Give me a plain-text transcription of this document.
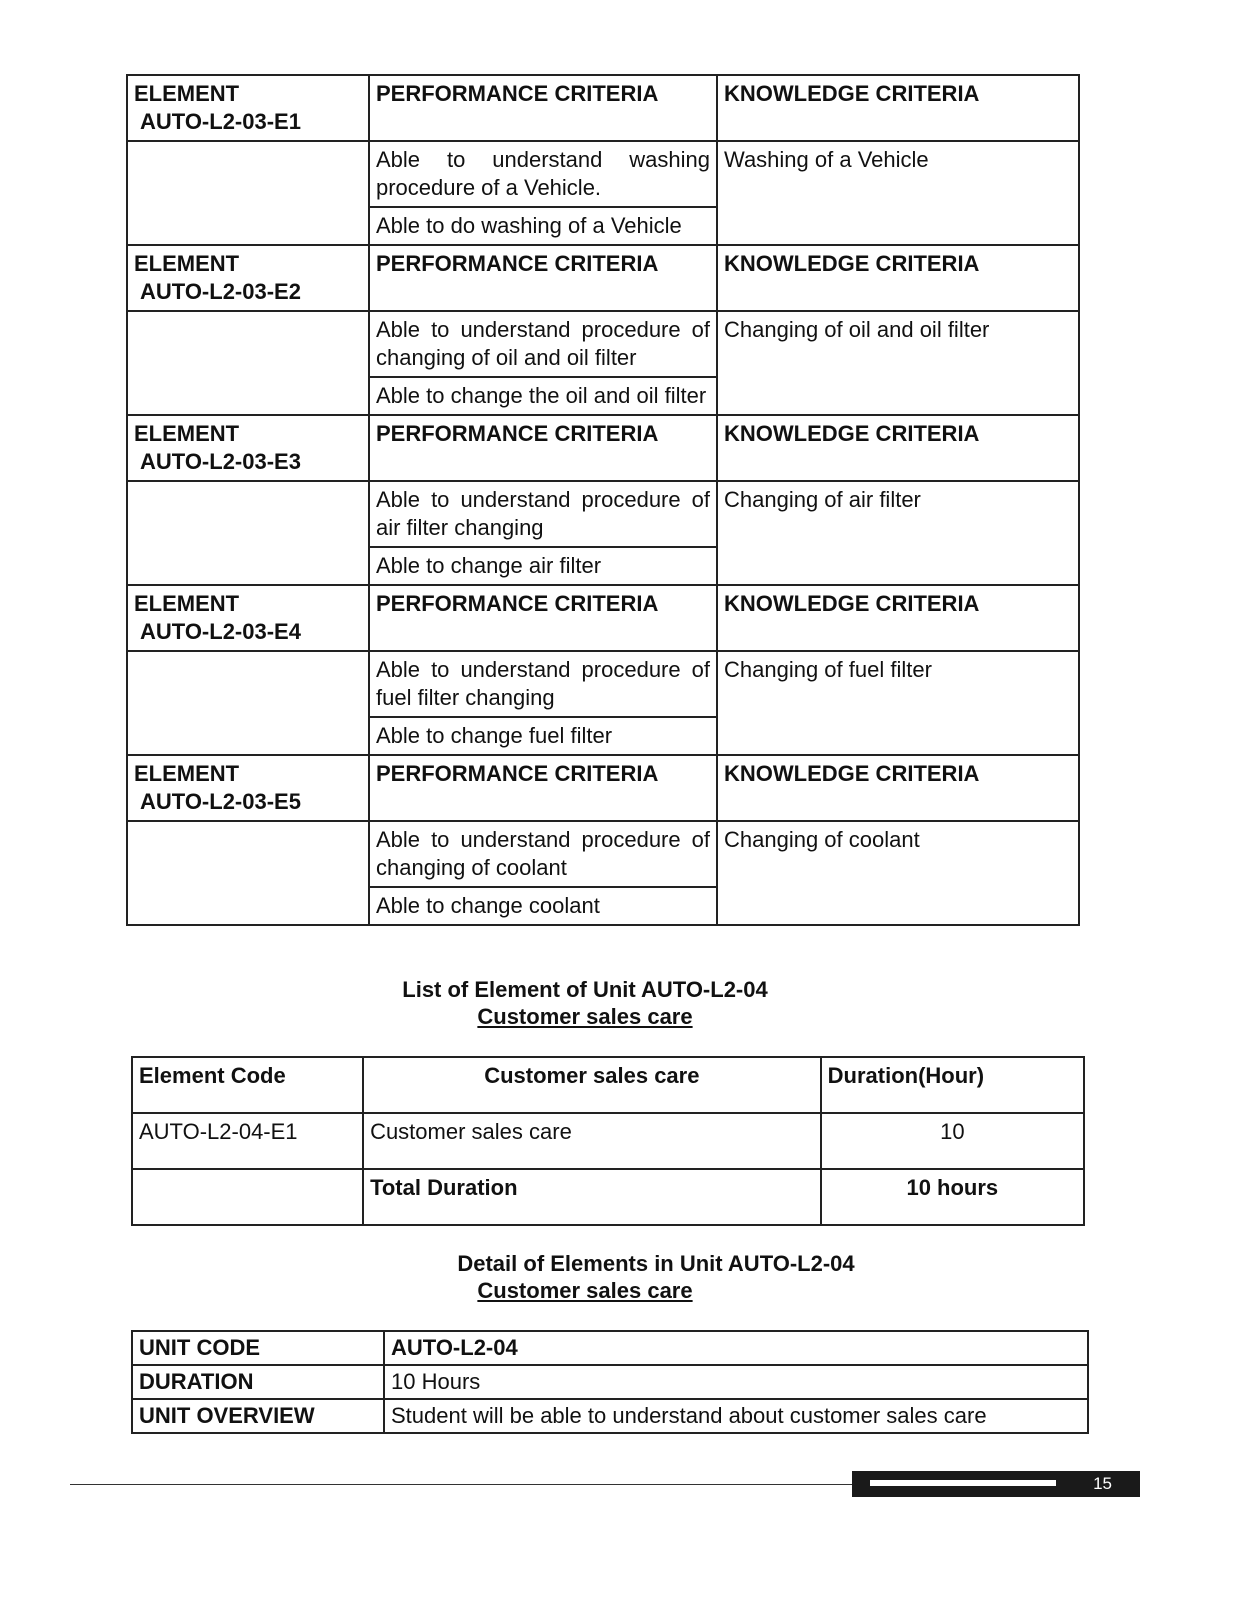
ELEMENT
AUTO-L2-03-E1	PERFORMANCE CRITERIA	KNOWLEDGE CRITERIA
	Able to understand washing procedure of a Vehicle.	Washing of a Vehicle
	Able to do washing of a Vehicle	

ELEMENT
AUTO-L2-03-E2	PERFORMANCE CRITERIA	KNOWLEDGE CRITERIA
	Able to understand procedure of changing of oil and oil filter	Changing of oil and oil filter
	Able to change the oil and oil filter	

ELEMENT
AUTO-L2-03-E3	PERFORMANCE CRITERIA	KNOWLEDGE CRITERIA
	Able to understand procedure of air filter changing	Changing of air filter
	Able to change air filter	

ELEMENT
AUTO-L2-03-E4	PERFORMANCE CRITERIA	KNOWLEDGE CRITERIA
	Able to understand procedure of fuel filter changing	Changing of fuel filter
	Able to change fuel filter	

ELEMENT
AUTO-L2-03-E5	PERFORMANCE CRITERIA	KNOWLEDGE CRITERIA
	Able to understand procedure of changing of coolant	Changing of coolant
	Able to change coolant	
List of Element of Unit AUTO-L2-04
Customer sales care
Element Code	Customer sales care	Duration(Hour)
AUTO-L2-04-E1	Customer sales care	10
	Total Duration	10 hours
Detail of Elements in Unit AUTO-L2-04
Customer sales care
UNIT CODE	AUTO-L2-04
DURATION	10 Hours
UNIT OVERVIEW	Student will be able to understand about customer sales care
15
